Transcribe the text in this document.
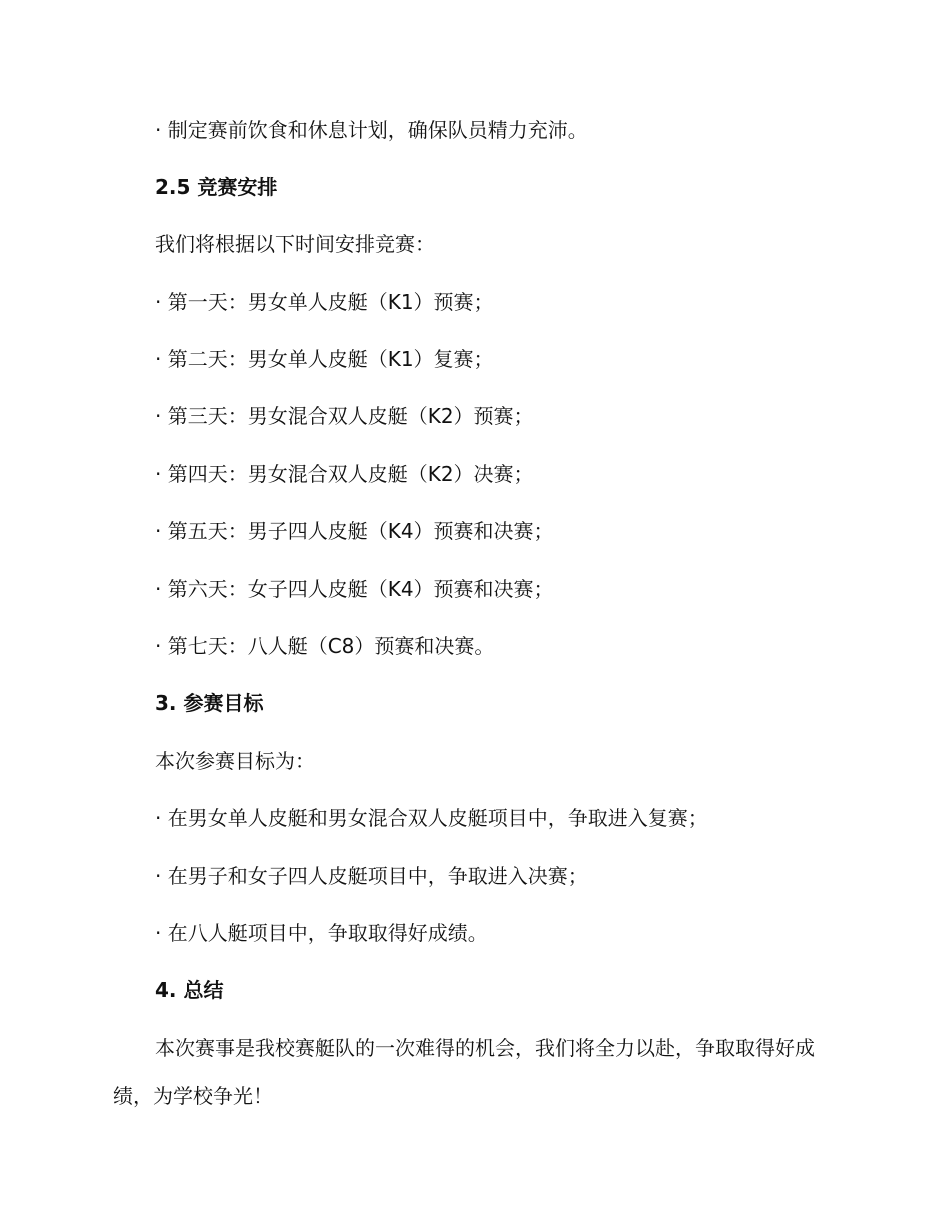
· 制定赛前饮食和休息计划，确保队员精力充沛。
2.5 竞赛安排
我们将根据以下时间安排竞赛：
· 第一天：男女单人皮艇（K1）预赛；
· 第二天：男女单人皮艇（K1）复赛；
· 第三天：男女混合双人皮艇（K2）预赛；
· 第四天：男女混合双人皮艇（K2）决赛；
· 第五天：男子四人皮艇（K4）预赛和决赛；
· 第六天：女子四人皮艇（K4）预赛和决赛；
· 第七天：八人艇（C8）预赛和决赛。
3. 参赛目标
本次参赛目标为：
· 在男女单人皮艇和男女混合双人皮艇项目中，争取进入复赛；
· 在男子和女子四人皮艇项目中，争取进入决赛；
· 在八人艇项目中，争取取得好成绩。
4. 总结
本次赛事是我校赛艇队的一次难得的机会，我们将全力以赴，争取取得好成绩，为学校争光！
